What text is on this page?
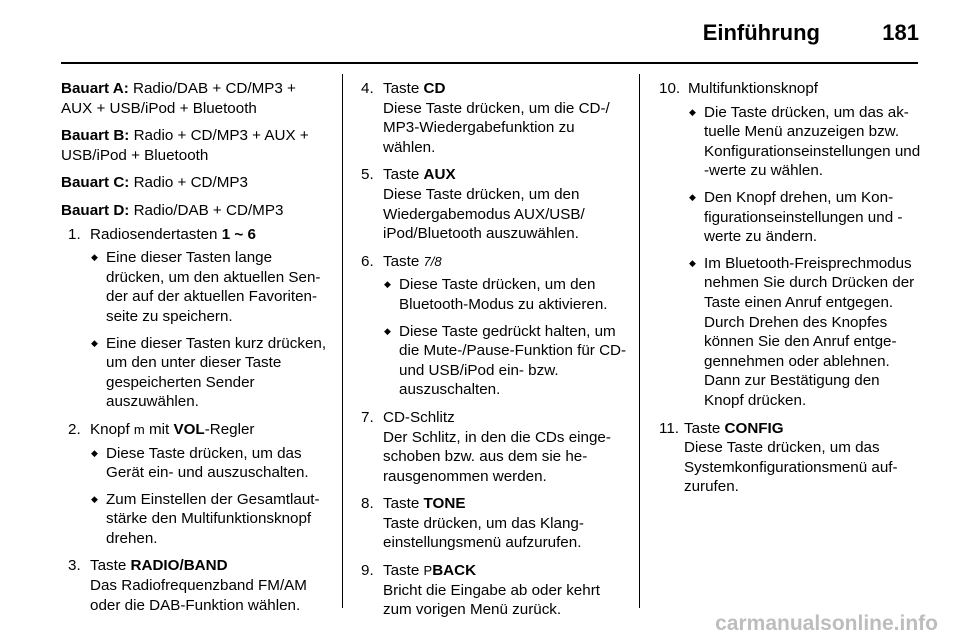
Einführung	181

Bauart A: Radio/DAB + CD/MP3 + AUX + USB/iPod + Bluetooth

Bauart B: Radio + CD/MP3 + AUX + USB/iPod + Bluetooth

Bauart C: Radio + CD/MP3

Bauart D: Radio/DAB + CD/MP3

1. Radiosendertasten 1 ~ 6

◆ Eine dieser Tasten lange drücken, um den aktuellen Sender auf der aktuellen Favoritenseite zu speichern.
◆ Eine dieser Tasten kurz drücken, um den unter dieser Taste gespeicherten Sender auszuwählen.
2. Knopf m mit VOL-Regler

◆ Diese Taste drücken, um das Gerät ein- und auszuschalten.
◆ Zum Einstellen der Gesamtlautstärke den Multifunktionsknopf drehen.
3. Taste RADIO/BAND

Das Radiofrequenzband FM/AM oder die DAB-Funktion wählen.

4. Taste CD

Diese Taste drücken, um die CD-/ MP3-Wiedergabefunktion zu wählen.

5. Taste AUX

Diese Taste drücken, um den Wiedergabemodus AUX/USB/ iPod/Bluetooth auszuwählen.

6. Taste 7/8

◆ Diese Taste drücken, um den Bluetooth-Modus zu aktivieren.
◆ Diese Taste gedrückt halten, um die Mute-/Pause-Funktion für CD- und USB/iPod ein- bzw. auszuschalten.
7. CD-Schlitz

Der Schlitz, in den die CDs eingeschoben bzw. aus dem sie herausgenommen werden.

8. Taste TONE

Taste drücken, um das Klangeinstellungsmenü aufzurufen.

9. Taste PBACK

Bricht die Eingabe ab oder kehrt zum vorigen Menü zurück.

10. Multifunktionsknopf

◆ Die Taste drücken, um das aktuelle Menü anzuzeigen bzw. Konfigurationseinstellungen und -werte zu wählen.
◆ Den Knopf drehen, um Konfigurationseinstellungen und -werte zu ändern.
◆ Im Bluetooth-Freisprechmodus nehmen Sie durch Drücken der Taste einen Anruf entgegen. Durch Drehen des Knopfes können Sie den Anruf entgegennehmen oder ablehnen. Dann zur Bestätigung den Knopf drücken.
11. Taste CONFIG

Diese Taste drücken, um das Systemkonfigurationsmenü aufzurufen.

carmanualsonline.info
